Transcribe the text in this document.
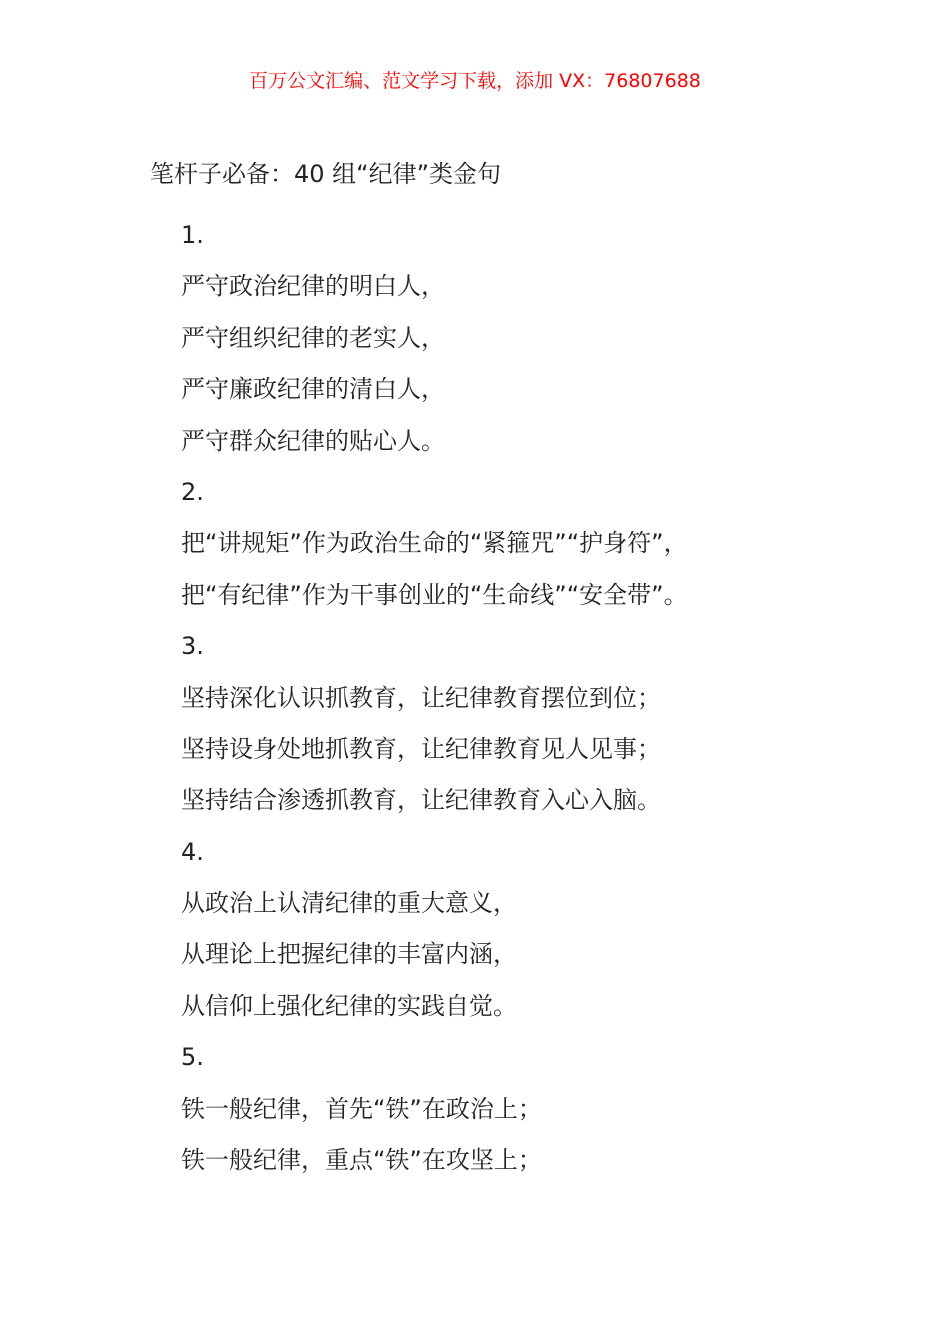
百万公文汇编、范文学习下载，添加 VX：76807688
笔杆子必备：40 组“纪律”类金句
1.
严守政治纪律的明白人，
严守组织纪律的老实人，
严守廉政纪律的清白人，
严守群众纪律的贴心人。
2.
把“讲规矩”作为政治生命的“紧箍咒”“护身符”，
把“有纪律”作为干事创业的“生命线”“安全带”。
3.
坚持深化认识抓教育，让纪律教育摆位到位；
坚持设身处地抓教育，让纪律教育见人见事；
坚持结合渗透抓教育，让纪律教育入心入脑。
4.
从政治上认清纪律的重大意义，
从理论上把握纪律的丰富内涵，
从信仰上强化纪律的实践自觉。
5.
铁一般纪律，首先“铁”在政治上；
铁一般纪律，重点“铁”在攻坚上；
